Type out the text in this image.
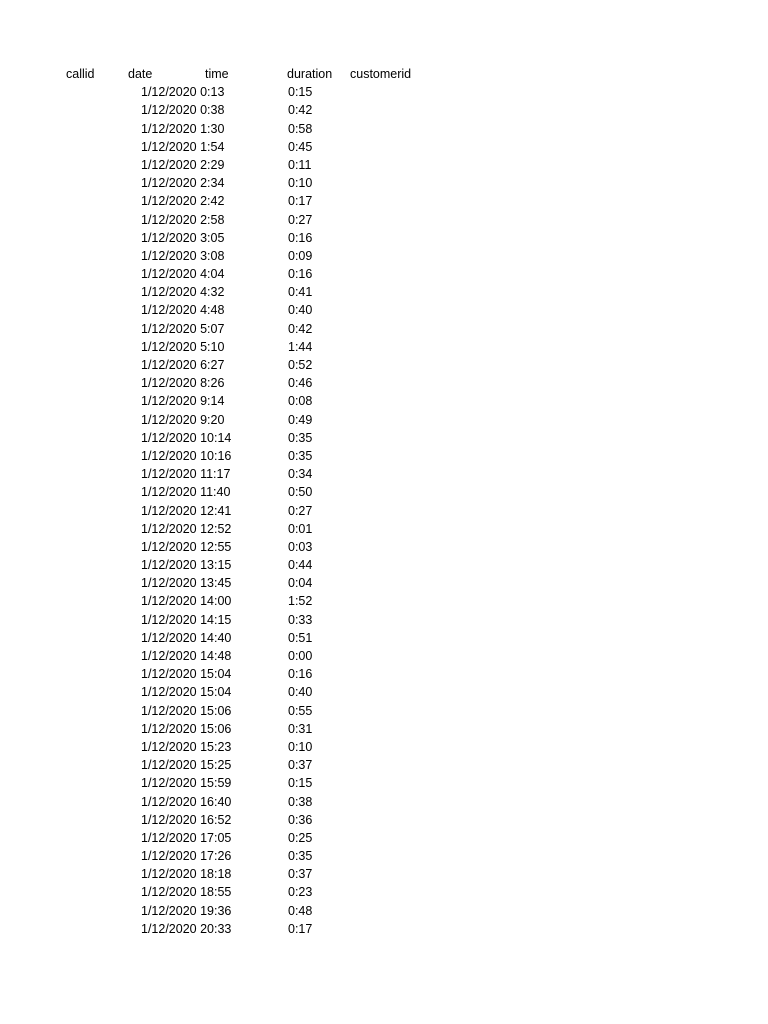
callid	date	time	duration customerid
1/12/2020 0:13	0:15
1/12/2020 0:38	0:42
1/12/2020 1:30	0:58
1/12/2020 1:54	0:45
1/12/2020 2:29	0:11
1/12/2020 2:34	0:10
1/12/2020 2:42	0:17
1/12/2020 2:58	0:27
1/12/2020 3:05	0:16
1/12/2020 3:08	0:09
1/12/2020 4:04	0:16
1/12/2020 4:32	0:41
1/12/2020 4:48	0:40
1/12/2020 5:07	0:42
1/12/2020 5:10	1:44
1/12/2020 6:27	0:52
1/12/2020 8:26	0:46
1/12/2020 9:14	0:08
1/12/2020 9:20	0:49
1/12/2020 10:14	0:35
1/12/2020 10:16	0:35
1/12/2020 11:17	0:34
1/12/2020 11:40	0:50
1/12/2020 12:41	0:27
1/12/2020 12:52	0:01
1/12/2020 12:55	0:03
1/12/2020 13:15	0:44
1/12/2020 13:45	0:04
1/12/2020 14:00	1:52
1/12/2020 14:15	0:33
1/12/2020 14:40	0:51
1/12/2020 14:48	0:00
1/12/2020 15:04	0:16
1/12/2020 15:04	0:40
1/12/2020 15:06	0:55
1/12/2020 15:06	0:31
1/12/2020 15:23	0:10
1/12/2020 15:25	0:37
1/12/2020 15:59	0:15
1/12/2020 16:40	0:38
1/12/2020 16:52	0:36
1/12/2020 17:05	0:25
1/12/2020 17:26	0:35
1/12/2020 18:18	0:37
1/12/2020 18:55	0:23
1/12/2020 19:36	0:48
1/12/2020 20:33	0:17
